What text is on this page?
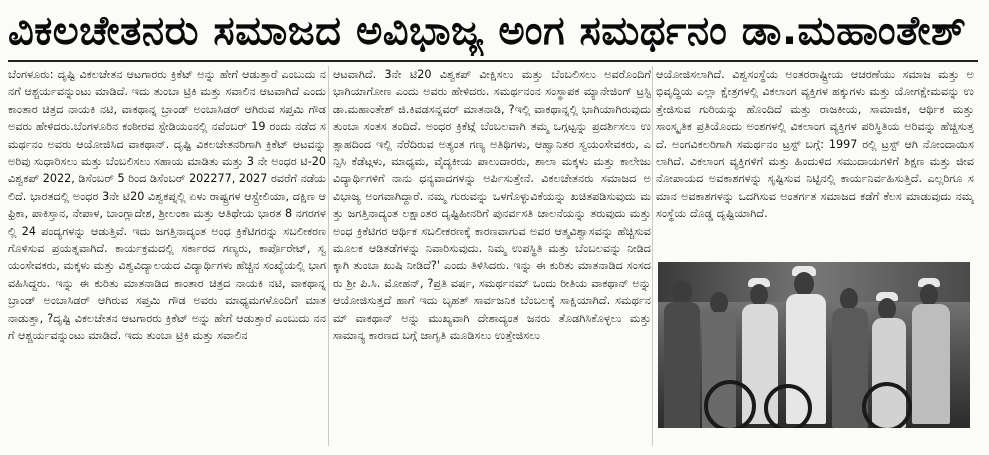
ವಿಕಲಚೇತನರು ಸಮಾಜದ ಅವಿಭಾಜ್ಯ ಅಂಗ ಸಮರ್ಥನಂ ಡಾ.ಮಹಾಂತೇಶ್

ಬೆಂಗಳೂರು: ದೃಷ್ಟಿ ವಿಕಲಚೇತನ ಆಟಗಾರರು ಕ್ರಿಕೆಟ್ ಅನ್ನು ಹೇಗೆ ಆಡುತ್ತಾರೆ ಎಂಬುದು ನನಗೆ ಆಶ್ಚರ್ಯವನ್ನುಂಟು ಮಾಡಿದೆ. ಇದು ತುಂಬಾ ಟ್ರಿಕಿ ಮತ್ತು ಸವಾಲಿನ ಆಟವಾಗಿದೆ ಎಂದು ಕಾಂತಾರ ಚಿತ್ರದ ನಾಯಕಿ ನಟಿ, ವಾಕಥಾನ್ನ ಬ್ರಾಂಡ್ ಅಂಬಾಸಿಡರ್ ಆಗಿರುವ ಸಪ್ತಮಿ ಗೌಡ ಅವರು ಹೇಳಿದರು.ಬೆಂಗಳೂರಿನ ಕಂಠೀರವ ಸ್ಟೇಡಿಯಂನಲ್ಲಿ ನವೆಂಬರ್ 19 ರಂದು ನಡೆದ ಸಮರ್ಥನಂ ಅವರು ಆಯೋಜಿಸಿದ ವಾಕಥಾನ್. ದೃಷ್ಟಿ ವಿಕಲಚೇತನರಿಗಾಗಿ ಕ್ರಿಕೆಟ್ ಆಟವನ್ನು ಅರಿವು ಸುಧಾರಿಸಲು ಮತ್ತು ಬೆಂಬಲಿಸಲು ಸಹಾಯ ಮಾಡಿತು ಮತ್ತು 3 ನೇ ಅಂಧರ ಟಿ-20 ವಿಶ್ವಕಪ್ 2022, ಡಿಸೆಂಬರ್ 5 ರಿಂದ ಡಿಸೆಂಬರ್ 202277, 2027 ರವರೆಗೆ ನಡೆಯಲಿದೆ. ಭಾರತದಲ್ಲಿ ಅಂಧರ 3ನೇ ಟಿ20 ವಿಶ್ವಕಪ್ನಲ್ಲಿ ಏಳು ರಾಷ್ಟ್ರಗಳ ಆಸ್ಟ್ರೇಲಿಯಾ, ದಕ್ಷಿಣ ಆಫ್ರಿಕಾ, ಪಾಕಿಸ್ತಾನ, ನೇಪಾಳ, ಬಾಂಗ್ಲಾದೇಶ, ಶ್ರೀಲಂಕಾ ಮತ್ತು ಆತಿಥೇಯ ಭಾರತ 8 ನಗರಗಳಲ್ಲಿ 24 ಪಂದ್ಯಗಳನ್ನು ಆಡುತ್ತಿವೆ. ಇದು ಜಗತ್ತಿನಾದ್ಯಂತ ಅಂಧ ಕ್ರಿಕೆಟಿಗರನ್ನು ಸಬಲೀಕರಣಗೊಳಿಸುವ ಪ್ರಯತ್ನವಾಗಿದೆ. ಕಾರ್ಯಕ್ರಮದಲ್ಲಿ ಸರ್ಕಾರದ ಗಣ್ಯರು, ಕಾರ್ಪೊರೇಟ್, ಸ್ವಯಂಸೇವಕರು, ಮಕ್ಕಳು ಮತ್ತು ವಿಶ್ವವಿದ್ಯಾಲಯದ ವಿದ್ಯಾರ್ಥಿಗಳು ಹೆಚ್ಚಿನ ಸಂಖ್ಯೆಯಲ್ಲಿ ಭಾಗವಹಿಸಿದ್ದರು. ಇನ್ನು ಈ ಕುರಿತು ಮಾತನಾಡಿದ ಕಾಂತಾರ ಚಿತ್ರದ ನಾಯಕಿ ನಟಿ, ವಾಕಥಾನ್ನ ಬ್ರಾಂಡ್ ಅಂಬಾಸಿಡರ್ ಆಗಿರುವ ಸಪ್ತಮಿ ಗೌಡ ಅವರು ಮಾಧ್ಯಮಗಳೊಂದಿಗೆ ಮಾತನಾಡುತ್ತಾ, ?ದೃಷ್ಟಿ ವಿಕಲಚೇತನ ಆಟಗಾರರು ಕ್ರಿಕೆಟ್ ಅನ್ನು ಹೇಗೆ ಆಡುತ್ತಾರೆ ಎಂಬುದು ನನಗೆ ಆಶ್ಚರ್ಯವನ್ನುಂಟು ಮಾಡಿದೆ. ಇದು ತುಂಬಾ ಟ್ರಿಕಿ ಮತ್ತು ಸವಾಲಿನ

ಆಟವಾಗಿದೆ. 3ನೇ ಟಿ20 ವಿಶ್ವಕಪ್ ವೀಕ್ಷಿಸಲು ಮತ್ತು ಬೆಂಬಲಿಸಲು ಅವರೊಂದಿಗೆ ಭಾಗಿಯಾಗೋಣ ಎಂದು ಅವರು ಹೇಳಿದರು. ಸಮರ್ಥನಂನ ಸಂಸ್ಥಾಪಕ ಮ್ಯಾನೇಜಿಂಗ್ ಟ್ರಸ್ಟಿ ಡಾ.ಮಹಾಂತೇಶ್ ಜಿ.ಕಿವಡಸನ್ನವರ್ ಮಾತನಾಡಿ, ?ಇಲ್ಲಿ ವಾಕಥಾನ್ನಲ್ಲಿ ಭಾಗಿಯಾಗಿರುವುದು ತುಂಬಾ ಸಂತಸ ತಂದಿದೆ. ಅಂಧರ ಕ್ರಿಕೆಟ್ಗೆ ಬೆಂಬಲವಾಗಿ ತಮ್ಮ ಒಗ್ಗಟ್ಟನ್ನು ಪ್ರದರ್ಶಿಸಲು ಉತ್ಸಾಹದಿಂದ ಇಲ್ಲಿ ನೆರೆದಿರುವ ಅತ್ಯಂತ ಗಣ್ಯ ಅತಿಥಿಗಳು, ಆಹ್ವಾನಿತರ ಸ್ವಯಂಸೇವಕರು, ಎನ್ಸಿಸಿ ಕೆಡೆಟ್ಗಳು, ಮಾಧ್ಯಮ, ವೈದ್ಯಕೀಯ ಪಾಲುದಾರರು, ಶಾಲಾ ಮಕ್ಕಳು ಮತ್ತು ಕಾಲೇಜು ವಿದ್ಯಾರ್ಥಿಗಳಿಗೆ ನಾನು ಧನ್ಯವಾದಗಳನ್ನು ಅರ್ಪಿಸುತ್ತೇನೆ. ವಿಕಲಚೇತನರು ಸಮಾಜದ ಅವಿಭಾಜ್ಯ ಅಂಗವಾಗಿದ್ದಾರೆ. ನಮ್ಮ ಗುರುವನ್ನು ಒಳಗೊಳ್ಳುವಿಕೆಯನ್ನು ಖಚಿತಪಡಿಸುವುದು ಮತ್ತು ಜಗತ್ತಿನಾದ್ಯಂತ ಲಕ್ಷಾಂತರ ದೃಷ್ಟಿಹೀನರಿಗೆ ಪುನರ್ವಸತಿ ಚಾಲನೆಯನ್ನು ತರುವುದು ಮತ್ತು ಅಂಧ ಕ್ರಿಕೆಟಿಗರ ಆರ್ಥಿಕ ಸಬಲೀಕರಣಕ್ಕೆ ಕಾರಣವಾಗುವ ಅವರ ಆತ್ಮವಿಶ್ವಾಸವನ್ನು ಹೆಚ್ಚಿಸುವ ಮೂಲಕ ಆಡಿತಡೆಗಳನ್ನು ನಿವಾರಿಸುವುದು. ನಿಮ್ಮ ಉಪಸ್ಥಿತಿ ಮತ್ತು ಬೆಂಬಲವನ್ನು ನೀಡಿದಕ್ಕಾಗಿ ತುಂಬಾ ಖುಷಿ ನೀಡಿದೆ?' ಎಂದು ತಿಳಿಸಿದರು. ಇನ್ನು ಈ ಕುರಿತು ಮಾತನಾಡಿದ ಸಂಸದರು ಶ್ರೀ ಪಿ.ಸಿ. ಮೋಹನ್, ?ಪ್ರತಿ ವರ್ಷ, ಸಮರ್ಥನಮ್ ಒಂದು ರೀತಿಯ ವಾಕಥಾನ್ ಅನ್ನು ಆಯೋಜಿಸುತ್ತದೆ ಹಾಗೆ ಇದು ಬೃಹತ್ ಸಾರ್ವಜನಿಕ ಬೆಂಬಲಕ್ಕೆ ಸಾಕ್ಷಿಯಾಗಿದೆ. ಸಮರ್ಥನಮ್ ವಾಕಥಾನ್ ಅನ್ನು ಮುಖ್ಯವಾಗಿ ದೇಶಾದ್ಯಂತ ಜನರು ತೊಡಗಿಸಿಕೊಳ್ಳಲು ಮತ್ತು ಸಾಮಾನ್ಯ ಕಾರಣದ ಬಗ್ಗೆ ಜಾಗೃತಿ ಮೂಡಿಸಲು ಉತ್ತೇಜಿಸಲು

ಆಯೋಜಿಸಲಾಗಿದೆ. ವಿಶ್ವಸಂಸ್ಥೆಯ ಅಂತರರಾಷ್ಟ್ರೀಯ ಆಚರಣೆಯು ಸಮಾಜ ಮತ್ತು ಅಭಿವೃದ್ಧಿಯ ಎಲ್ಲಾ ಕ್ಷೇತ್ರಗಳಲ್ಲಿ ವಿಕಲಾಂಗ ವ್ಯಕ್ತಿಗಳ ಹಕ್ಕುಗಳು ಮತ್ತು ಯೋಗಕ್ಷೇಮವನ್ನು ಉತ್ತೇಜಿಸುವ ಗುರಿಯನ್ನು ಹೊಂದಿದೆ ಮತ್ತು ರಾಜಕೀಯ, ಸಾಮಾಜಿಕ, ಆರ್ಥಿಕ ಮತ್ತು ಸಾಂಸ್ಕೃತಿಕ ಪ್ರತಿಯೊಂದು ಅಂಶಗಳಲ್ಲಿ ವಿಕಲಾಂಗ ವ್ಯಕ್ತಿಗಳ ಪರಿಸ್ಥಿತಿಯ ಅರಿವನ್ನು ಹೆಚ್ಚಿಸುತ್ತದೆ. ಅಂಗವಿಕಲರಿಗಾಗಿ ಸಮರ್ಥನಂ ಟ್ರಸ್ಟ್ ಬಗ್ಗೆ: 1997 ರಲ್ಲಿ ಟ್ರಸ್ಟ್ ಆಗಿ ನೋಂದಾಯಿಸಲಾಗಿದೆ. ವಿಕಲಾಂಗ ವ್ಯಕ್ತಿಗಳಿಗೆ ಮತ್ತು ಹಿಂದುಳಿದ ಸಮುದಾಯಗಳಿಗೆ ಶಿಕ್ಷಣ ಮತ್ತು ಜೀವನೋಪಾಯದ ಅವಕಾಶಗಳನ್ನು ಸೃಷ್ಟಿಸುವ ನಿಟ್ಟಿನಲ್ಲಿ ಕಾರ್ಯನಿರ್ವಹಿಸುತ್ತಿದೆ. ಎಲ್ಲರಿಗೂ ಸಮಾನ ಅವಕಾಶಗಳನ್ನು ಒದಗಿಸುವ ಅಂತರ್ಗತ ಸಮಾಜದ ಕಡೆಗೆ ಕೆಲಸ ಮಾಡುವುದು ನಮ್ಮ ಸಂಸ್ಥೆಯ ದೊಡ್ಡ ದೃಷ್ಟಿಯಾಗಿದೆ.
